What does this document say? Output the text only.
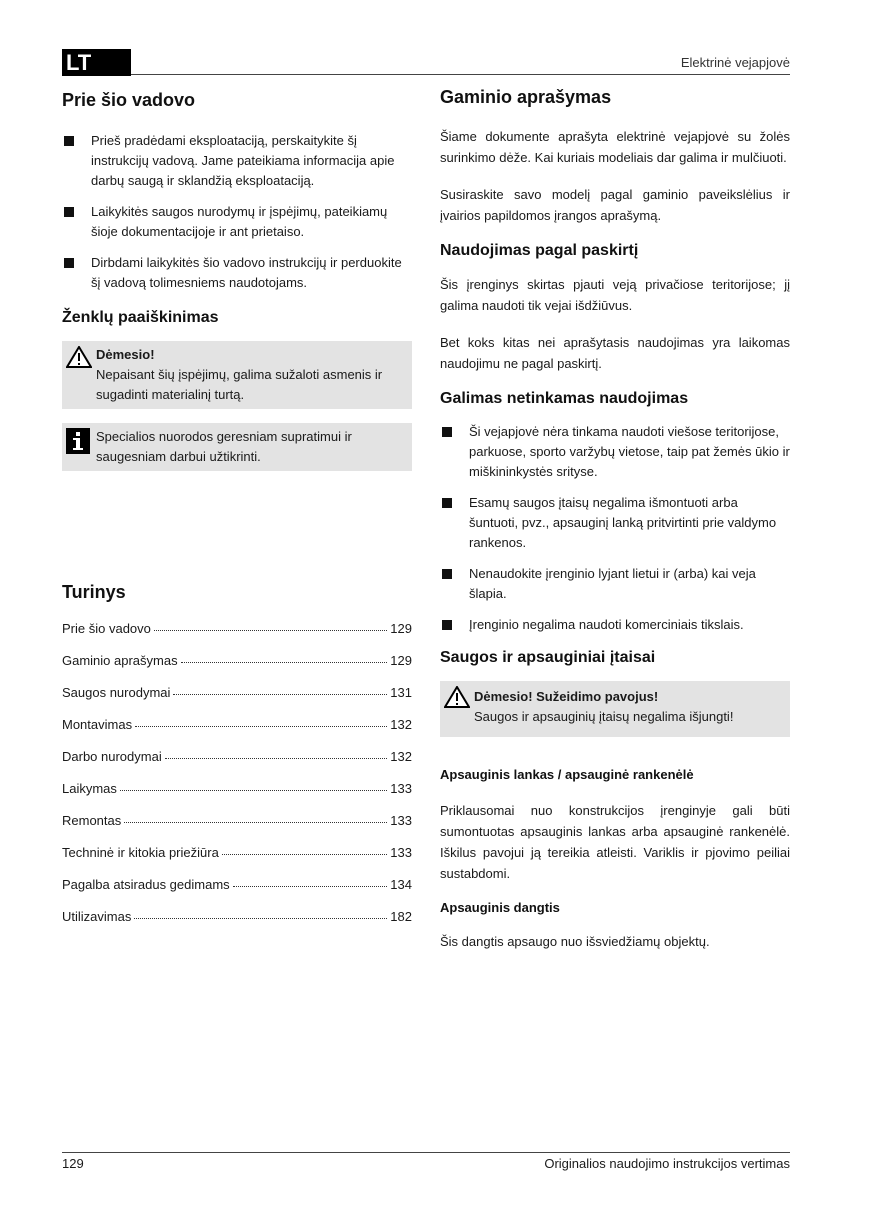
LT	Elektrinė vejapjovė
Prie šio vadovo
Prieš pradėdami eksploataciją, perskaitykite šį instrukcijų vadovą. Jame pateikiama informacija apie darbų saugą ir sklandžią eksploataciją.
Laikykitės saugos nurodymų ir įspėjimų, pateikiamų šioje dokumentacijoje ir ant prietaiso.
Dirbdami laikykitės šio vadovo instrukcijų ir perduokite šį vadovą tolimesniems naudotojams.
Ženklų paaiškinimas
Dėmesio!
Nepaisant šių įspėjimų, galima sužaloti asmenis ir sugadinti materialinį turtą.
Specialios nuorodos geresniam supratimui ir saugesniam darbui užtikrinti.
Turinys
Prie šio vadovo	129
Gaminio aprašymas	129
Saugos nurodymai	131
Montavimas	132
Darbo nurodymai	132
Laikymas	133
Remontas	133
Techninė ir kitokia priežiūra	133
Pagalba atsiradus gedimams	134
Utilizavimas	182
Gaminio aprašymas

Šiame dokumente aprašyta elektrinė vejapjovė su žolės surinkimo dėže. Kai kuriais modeliais dar galima ir mulčiuoti.

Susiraskite savo modelį pagal gaminio paveikslėlius ir įvairios papildomos įrangos aprašymą.

Naudojimas pagal paskirtį

Šis įrenginys skirtas pjauti veją privačiose teritorijose; jį galima naudoti tik vejai išdžiūvus.

Bet koks kitas nei aprašytasis naudojimas yra laikomas naudojimu ne pagal paskirtį.

Galimas netinkamas naudojimas
Ši vejapjovė nėra tinkama naudoti viešose teritorijose, parkuose, sporto varžybų vietose, taip pat žemės ūkio ir miškininkystės srityse.
Esamų saugos įtaisų negalima išmontuoti arba šuntuoti, pvz., apsauginį lanką pritvirtinti prie valdymo rankenos.
Nenaudokite įrenginio lyjant lietui ir (arba) kai veja šlapia.
Įrenginio negalima naudoti komerciniais tikslais.
Saugos ir apsauginiai įtaisai
Dėmesio! Sužeidimo pavojus!
Saugos ir apsauginių įtaisų negalima išjungti!
Apsauginis lankas / apsauginė rankenėlė

Priklausomai nuo konstrukcijos įrenginyje gali būti sumontuotas apsauginis lankas arba apsauginė rankenėlė. Iškilus pavojui ją tereikia atleisti. Variklis ir pjovimo peiliai sustabdomi.

Apsauginis dangtis

Šis dangtis apsaugo nuo išsviedžiamų objektų.

129	Originalios naudojimo instrukcijos vertimas
